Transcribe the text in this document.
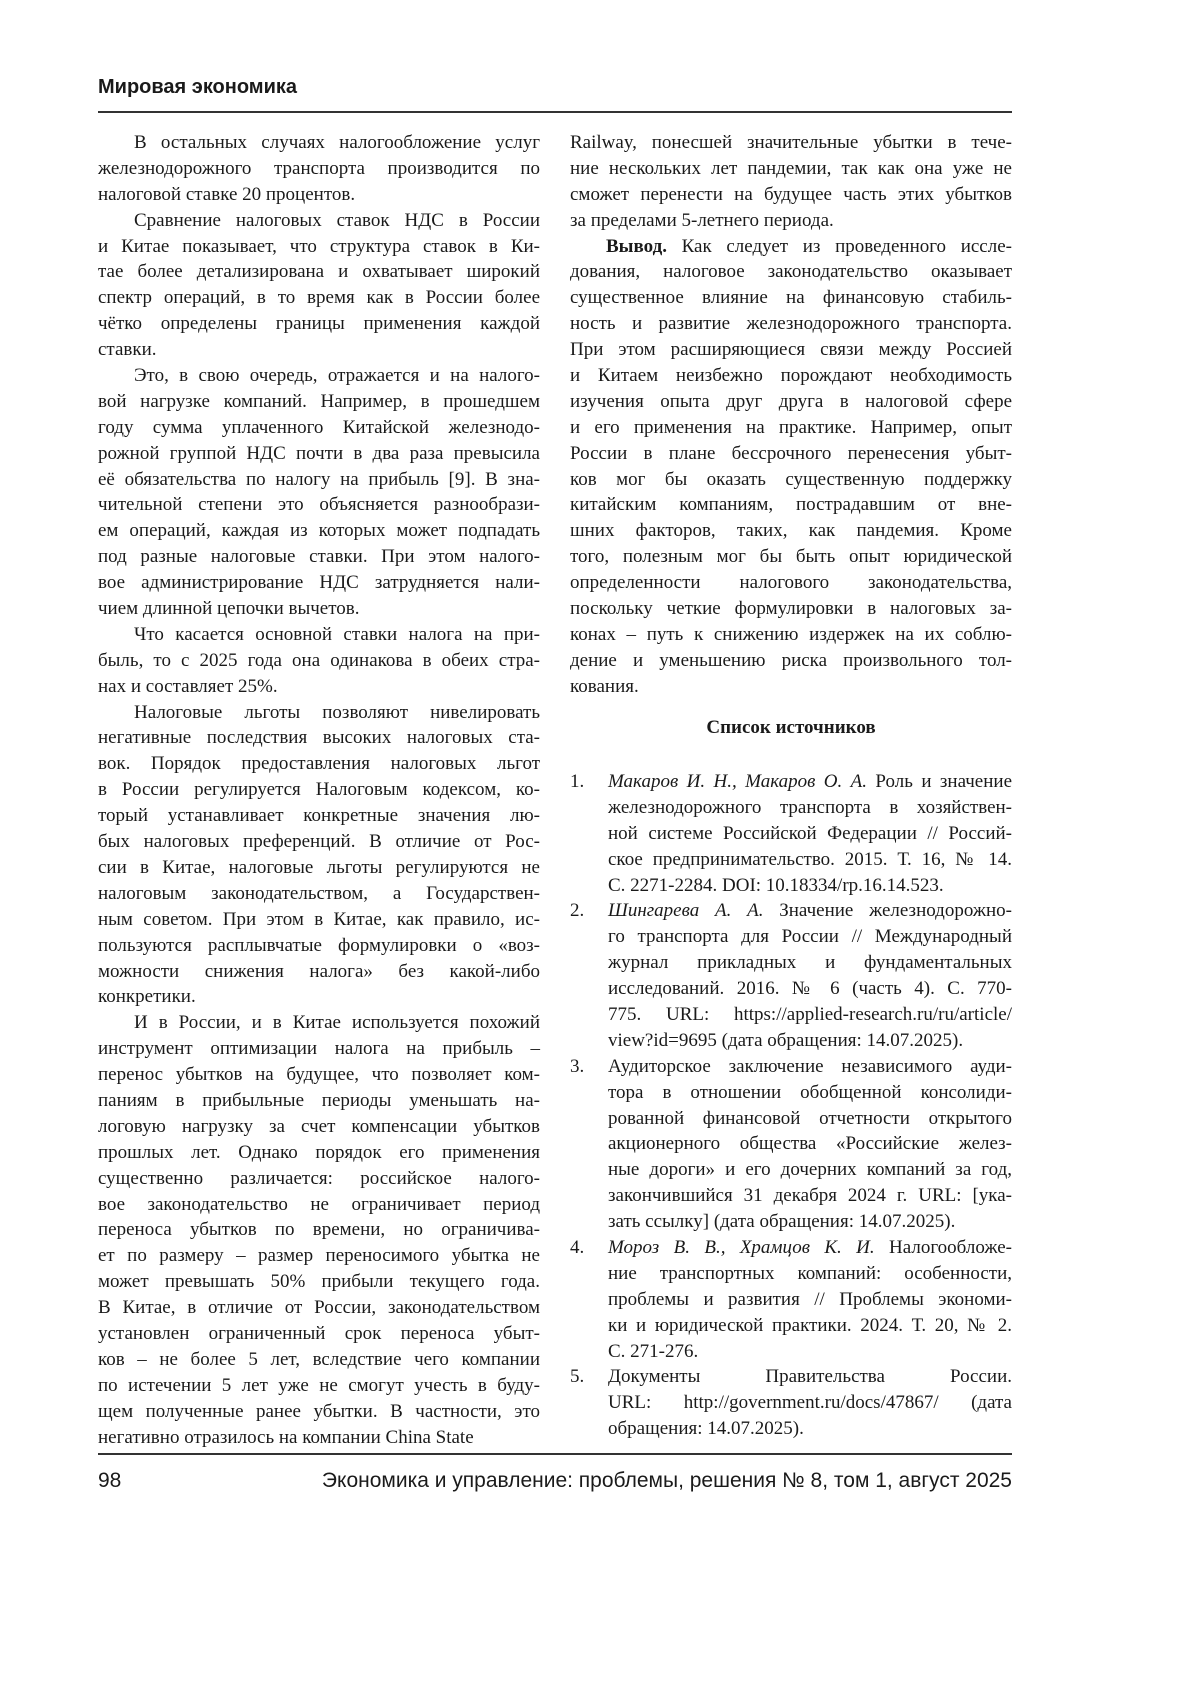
Мировая экономика
В остальных случаях налогообложение услуг
железнодорожного транспорта производится по
налоговой ставке 20 процентов.
Сравнение налоговых ставок НДС в России
и Китае показывает, что структура ставок в Ки-
тае более детализирована и охватывает широкий
спектр операций, в то время как в России более
чётко определены границы применения каждой
ставки.
Это, в свою очередь, отражается и на налого-
вой нагрузке компаний. Например, в прошедшем
году сумма уплаченного Китайской железнодо-
рожной группой НДС почти в два раза превысила
её обязательства по налогу на прибыль [9]. В зна-
чительной степени это объясняется разнообрази-
ем операций, каждая из которых может подпадать
под разные налоговые ставки. При этом налого-
вое администрирование НДС затрудняется нали-
чием длинной цепочки вычетов.
Что касается основной ставки налога на при-
быль, то с 2025 года она одинакова в обеих стра-
нах и составляет 25%.
Налоговые льготы позволяют нивелировать
негативные последствия высоких налоговых ста-
вок. Порядок предоставления налоговых льгот
в России регулируется Налоговым кодексом, ко-
торый устанавливает конкретные значения лю-
бых налоговых преференций. В отличие от Рос-
сии в Китае, налоговые льготы регулируются не
налоговым законодательством, а Государствен-
ным советом. При этом в Китае, как правило, ис-
пользуются расплывчатые формулировки о «воз-
можности снижения налога» без какой-либо
конкретики.
И в России, и в Китае используется похожий
инструмент оптимизации налога на прибыль –
перенос убытков на будущее, что позволяет ком-
паниям в прибыльные периоды уменьшать на-
логовую нагрузку за счет компенсации убытков
прошлых лет. Однако порядок его применения
существенно различается: российское налого-
вое законодательство не ограничивает период
переноса убытков по времени, но ограничива-
ет по размеру – размер переносимого убытка не
может превышать 50% прибыли текущего года.
В Китае, в отличие от России, законодательством
установлен ограниченный срок переноса убыт-
ков – не более 5 лет, вследствие чего компании
по истечении 5 лет уже не смогут учесть в буду-
щем полученные ранее убытки. В частности, это
негативно отразилось на компании China State
Railway, понесшей значительные убытки в тече-
ние нескольких лет пандемии, так как она уже не
сможет перенести на будущее часть этих убытков
за пределами 5-летнего периода.
Вывод. Как следует из проведенного иссле-
дования, налоговое законодательство оказывает
существенное влияние на финансовую стабиль-
ность и развитие железнодорожного транспорта.
При этом расширяющиеся связи между Россией
и Китаем неизбежно порождают необходимость
изучения опыта друг друга в налоговой сфере
и его применения на практике. Например, опыт
России в плане бессрочного перенесения убыт-
ков мог бы оказать существенную поддержку
китайским компаниям, пострадавшим от вне-
шних факторов, таких, как пандемия. Кроме
того, полезным мог бы быть опыт юридической
определенности налогового законодательства,
поскольку четкие формулировки в налоговых за-
конах – путь к снижению издержек на их соблю-
дение и уменьшению риска произвольного тол-
кования.
Список источников
1. Макаров И. Н., Макаров О. А. Роль и значение
железнодорожного транспорта в хозяйствен-
ной системе Российской Федерации // Россий-
ское предпринимательство. 2015. Т. 16, № 14.
С. 2271-2284. DOI: 10.18334/rp.16.14.523.
2. Шингарева А. А. Значение железнодорожно-
го транспорта для России // Международный
журнал прикладных и фундаментальных
исследований. 2016. № 6 (часть 4). С. 770-
775. URL: https://applied-research.ru/ru/article/
view?id=9695 (дата обращения: 14.07.2025).
3. Аудиторское заключение независимого ауди-
тора в отношении обобщенной консолиди-
рованной финансовой отчетности открытого
акционерного общества «Российские желез-
ные дороги» и его дочерних компаний за год,
закончившийся 31 декабря 2024 г. URL: [ука-
зать ссылку] (дата обращения: 14.07.2025).
4. Мороз В. В., Храмцов К. И. Налогообложе-
ние транспортных компаний: особенности,
проблемы и развития // Проблемы экономи-
ки и юридической практики. 2024. Т. 20, № 2.
С. 271-276.
5. Документы Правительства России.
URL: http://government.ru/docs/47867/ (дата
обращения: 14.07.2025).
98	Экономика и управление: проблемы, решения № 8, том 1, август 2025
